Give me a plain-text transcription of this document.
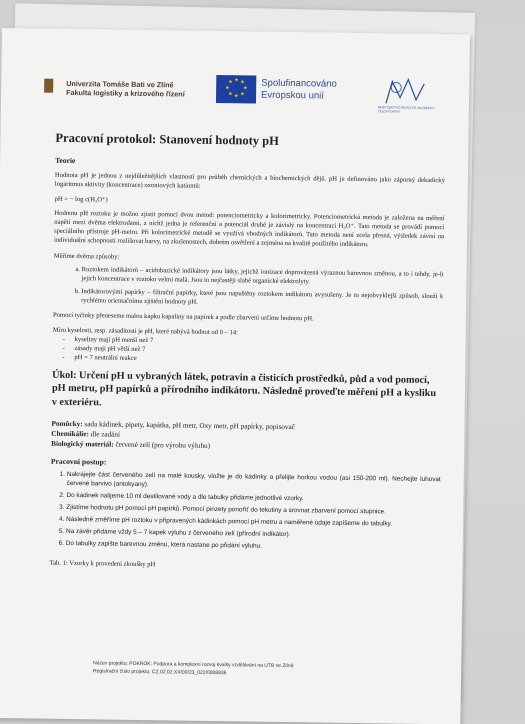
Univerzita Tomáše Bati ve Zlíně
Fakulta logistiky a krizového řízení
★ ★
★
★
★
★
★
★	Spolufinancováno
Evropskou unií
MINISTERSTVO ŠKOLSTVÍ, MLÁDEŽE A TĚLOVÝCHOVY
Pracovní protokol: Stanovení hodnoty pH
Teorie

Hodnota pH je jednou z nejdůležitějších vlastností pro průběh chemických a biochemických dějů. pH je definováno jako záporný dekadický logaritmus aktivity (koncentrace) oxoniových kationtů:

pH = − log c(H₃O⁺)

Hodnotu pH roztoku je možno zjistit pomocí dvou metod: potenciometricky a kolorimetricky. Potenciometrická metoda je založena na měření napětí mezi dvěma elektrodami, z nichž jedna je referenční a potenciál druhé je závislý na koncentraci H₃O⁺. Tato metoda se provádí pomocí speciálního přístroje pH-metru. Při kolorimetrické metodě se využívá vhodných indikátorů. Tato metoda není zcela přesná, výsledek závisí na individuální schopnosti rozlišovat barvy, na zkušenostech, dobrém osvětlení a zejména na kvalitě použitého indikátoru.

Měříme dvěma způsoby:

a. Roztokem indikátorů – acidobazické indikátory jsou látky, jejichž ionizace doprovázená výraznou barevnou změnou, a to i tehdy, je-li jejich koncentrace v roztoku velmi malá. Jsou to nejčastěji slabé organické elektrolyty.
b. Indikátorovými papírky – filtrační papírky, které jsou napuštěny roztokem indikátoru avysušeny. Je to nejobvyklejší způsob, slouží k rychlému orientačnímu zjištění hodnoty pH.

Pomocí tyčinky přeneseme malou kapku kapaliny na papírek a podle zbarvení určíme hodnotu pH.

Míru kyselosti, resp. zásaditosti je pH, které nabývá hodnot od 0 – 14:

- kyseliny mají pH menší než 7
- zásady mají pH větší než 7
- pH = 7 neutrální reakce
Úkol: Určení pH u vybraných látek, potravin a čisticích prostředků, půd a vod pomocí, pH metru, pH papírků a přírodního indikátoru. Následně proveďte měření pH a kysliku v exteriéru.

Pomůcky: sada kádinek, pipety, kapátka, pH metr, Oxy metr, pH papírky, popisovač

Chemikálie: dle zadání

Biologický materiál: červené zelí (pro výrobu výluhu)

Pracovní postup:
1. Nakrájejte část červeného zelí na malé kousky, vložte je do kádinky a přelijte horkou vodou (asi 150-200 ml). Nechejte luhovat červené barvivo (antokyany).
2. Do kádinek nalijeme 10 ml destilované vody a dle tabulky přidáme jednotlivé vzorky.
3. Zjistíme hodnotu pH pomocí pH papírků. Pomocí pinzety ponoříť do tekutiny a srovnat zbarvení pomocí stupnice.
4. Následně změříme pH roztoku v připravených kádinkách pomocí pH metru a naměřené údaje zapíšeme do tabulky.
5. Na závěr přidáme vždy 5 – 7 kapek výluhu z červeného zelí (přírodní indikátor).
6. Do tabulky zapište barevnou změnu, která nastane po přidání výluhu.
Tab. 1: Vzorky k provedení zkoušky pH
Název projektu: POKROK: Podpora a komplexní rozvoj kvality vzdělávání na UTB ve Zlíně
Registrační číslo projektu: CZ.02.02.XX/00/23_022/0008836
